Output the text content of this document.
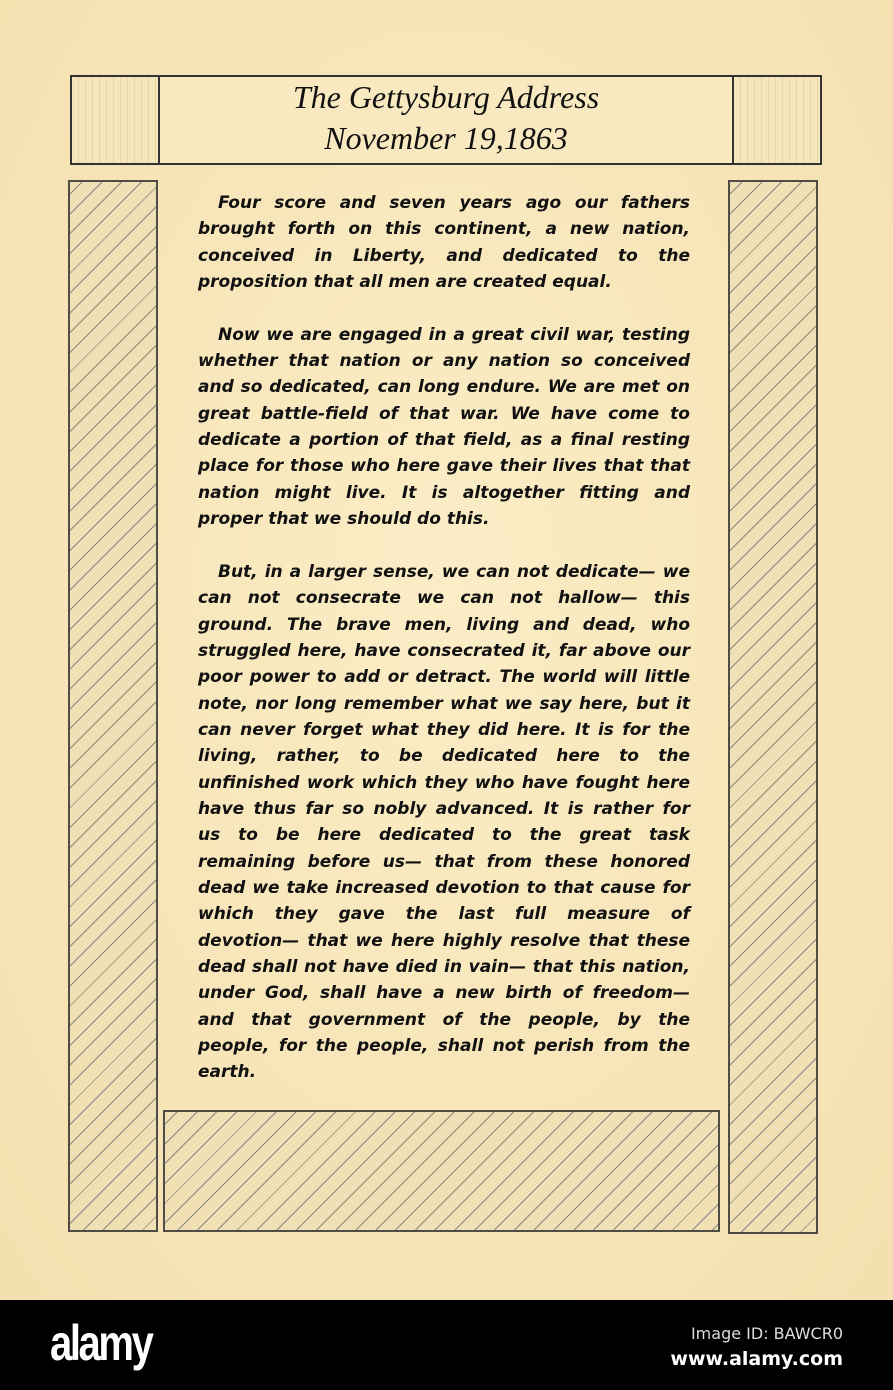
The Gettysburg Address
November 19,1863
Four score and seven years ago our fathers
brought forth on this continent, a new nation,
conceived in Liberty, and dedicated to the
proposition that all men are created equal.
Now we are engaged in a great civil war, testing
whether that nation or any nation so conceived
and so dedicated, can long endure. We are met on
great battle-field of that war. We have come to
dedicate a portion of that field, as a final resting
place for those who here gave their lives that that
nation might live. It is altogether fitting and
proper that we should do this.
But, in a larger sense, we can not dedicate— we
can not consecrate we can not hallow— this
ground. The brave men, living and dead, who
struggled here, have consecrated it, far above our
poor power to add or detract. The world will little
note, nor long remember what we say here, but it
can never forget what they did here. It is for the
living, rather, to be dedicated here to the
unfinished work which they who have fought here
have thus far so nobly advanced. It is rather for
us to be here dedicated to the great task
remaining before us— that from these honored
dead we take increased devotion to that cause for
which they gave the last full measure of
devotion— that we here highly resolve that these
dead shall not have died in vain— that this nation,
under God, shall have a new birth of freedom—
and that government of the people, by the
people, for the people, shall not perish from the
earth.
alamy	Image ID: BAWCR0
www.alamy.com
